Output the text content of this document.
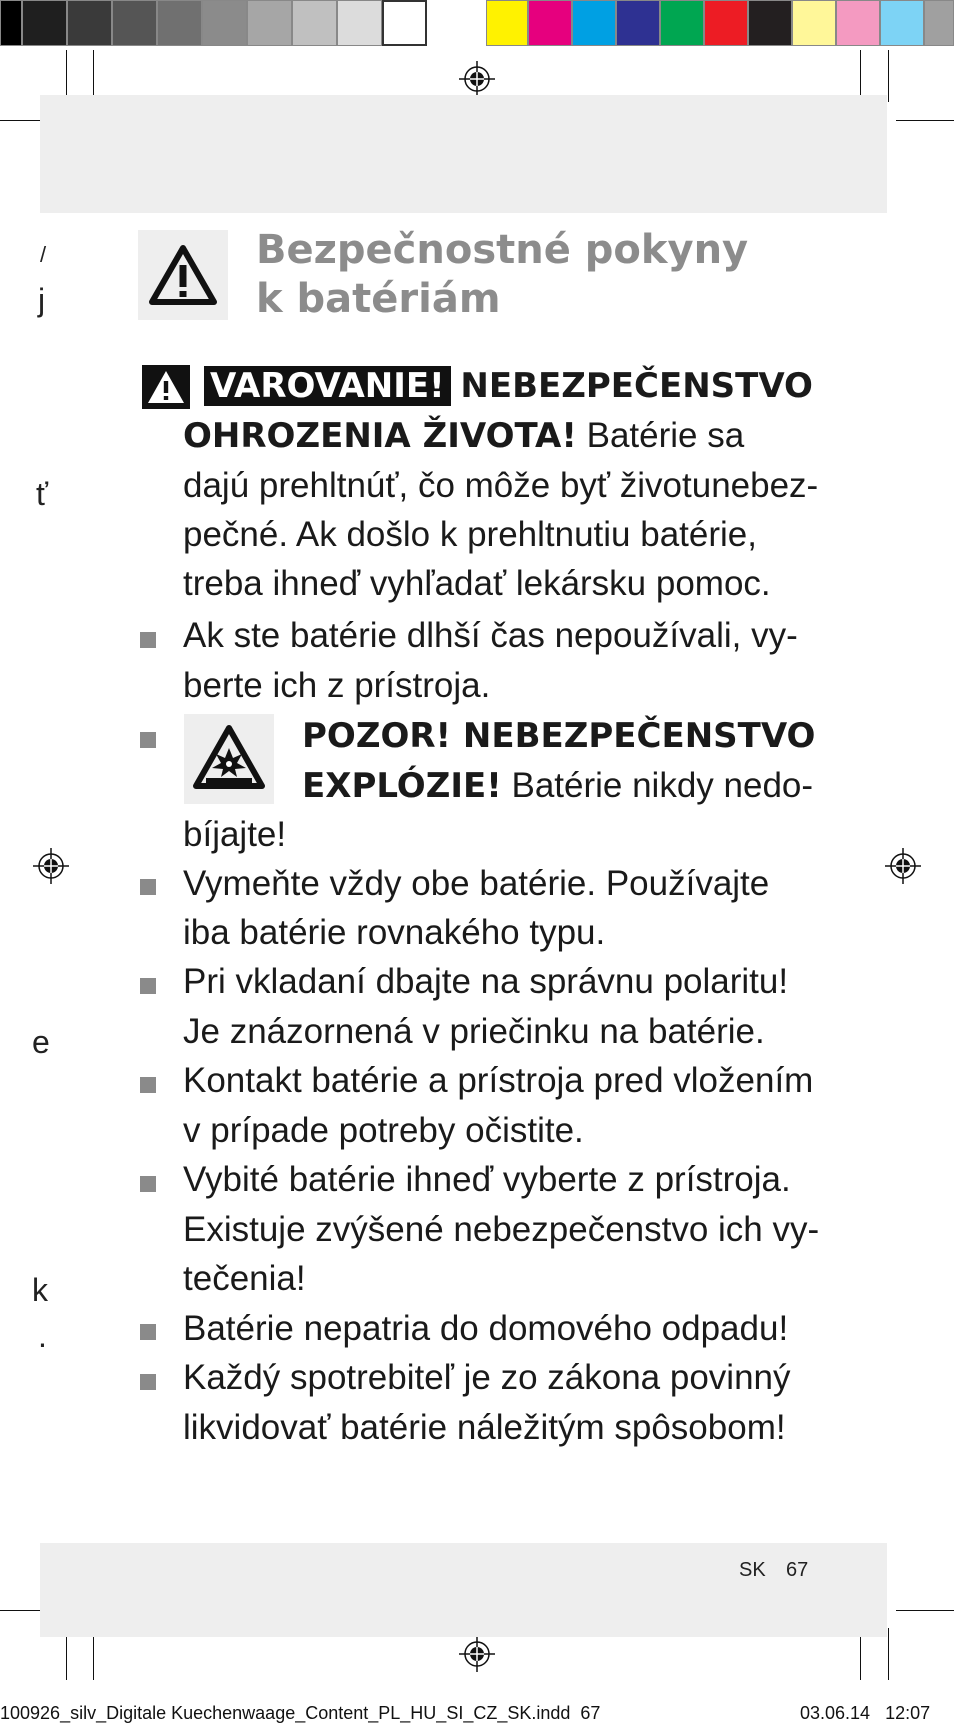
/
j
ť
e
k
.
Bezpečnostné pokyny
k batériám
VAROVANIE! NEBEZPEČENSTVO
OHROZENIA ŽIVOTA! Batérie sa
dajú prehltnúť, čo môže byť životunebez-
pečné. Ak došlo k prehltnutiu batérie,
treba ihneď vyhľadať lekársku pomoc.
Ak ste batérie dlhší čas nepoužívali, vy-
berte ich z prístroja.
POZOR! NEBEZPEČENSTVO
EXPLÓZIE! Batérie nikdy nedo-
bíjajte!
Vymeňte vždy obe batérie. Používajte
iba batérie rovnakého typu.
Pri vkladaní dbajte na správnu polaritu!
Je znázornená v priečinku na batérie.
Kontakt batérie a prístroja pred vložením
v prípade potreby očistite.
Vybité batérie ihneď vyberte z prístroja.
Existuje zvýšené nebezpečenstvo ich vy-
tečenia!
Batérie nepatria do domového odpadu!
Každý spotrebiteľ je zo zákona povinný
likvidovať batérie náležitým spôsobom!
SK 67
100926_silv_Digitale Kuechenwaage_Content_PL_HU_SI_CZ_SK.indd 67	03.06.14 12:07
